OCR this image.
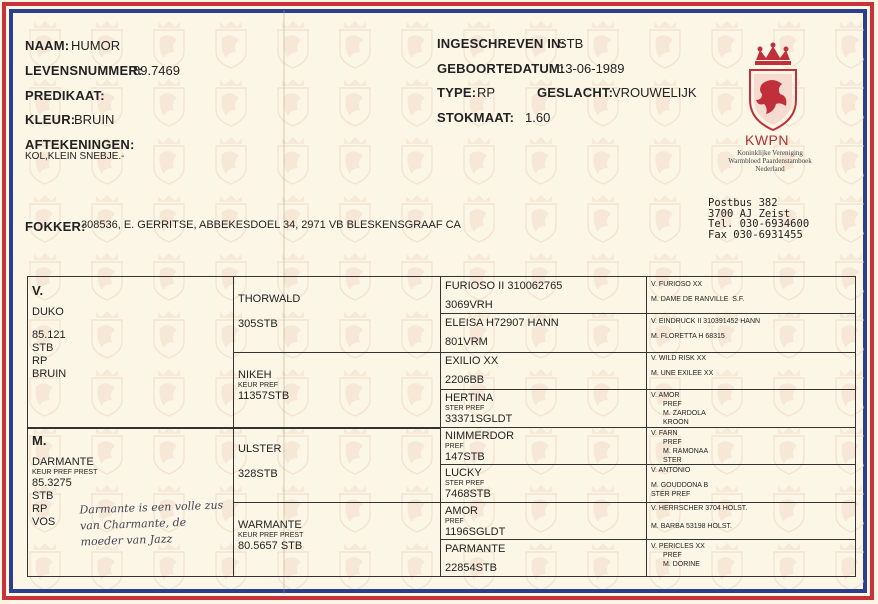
NAAM: HUMOR
LEVENSNUMMER:
89.7469
PREDIKAAT:
KLEUR:
BRUIN
AFTEKENINGEN:
KOL,KLEIN SNEBJE.-
INGESCHREVEN IN:
STB
GEBOORTEDATUM:
13-06-1989
TYPE: RP	GESLACHT:
VROUWELIJK
STOKMAAT: 1.60
FOKKER:
308536, E. GERRITSE, ABBEKESDOEL 34, 2971 VB BLESKENSGRAAF CA
KWPN
Koninklijke Vereniging
Warmbloed Paardenstamboek
Nederland
Postbus 382
3700 AJ Zeist
Tel. 030-6934600
Fax 030-6931455
V.
DUKO
85.121
STB
RP
BRUIN
M.
DARMANTE
KEUR PREF PREST
85.3275
STB
RP
VOS
Darmante is een volle zus
van Charmante, de
moeder van Jazz
THORWALD
305STB
NIKEH
KEUR PREF
11357STB
ULSTER
328STB
WARMANTE
KEUR PREF PREST
80.5657 STB
FURIOSO II 310062765
3069VRH
ELEISA H72907 HANN
801VRM
EXILIO XX
2206BB
HERTINA
STER PREF
33371SGLDT
NIMMERDOR
PREF
147STB
LUCKY
STER PREF
7468STB
AMOR
PREF
1196SGLDT
PARMANTE
22854STB
V. FURIOSO XX
M. DAME DE RANVILLE  S.F.
V. EINDRUCK II 310391452 HANN
M. FLORETTA H 68315
V. WILD RISK XX
M. UNE EXILEE XX
V. AMOR
PREF
M. ZARDOLA
KROON
V. FARN
PREF
M. RAMONAA
STER
V. ANTONIO
M. GOUDDONA B
STER PREF
V. HERRSCHER 3704 HOLST.
M. BARBA 53198 HOLST.
V. PERICLES XX
PREF
M. DORINE
